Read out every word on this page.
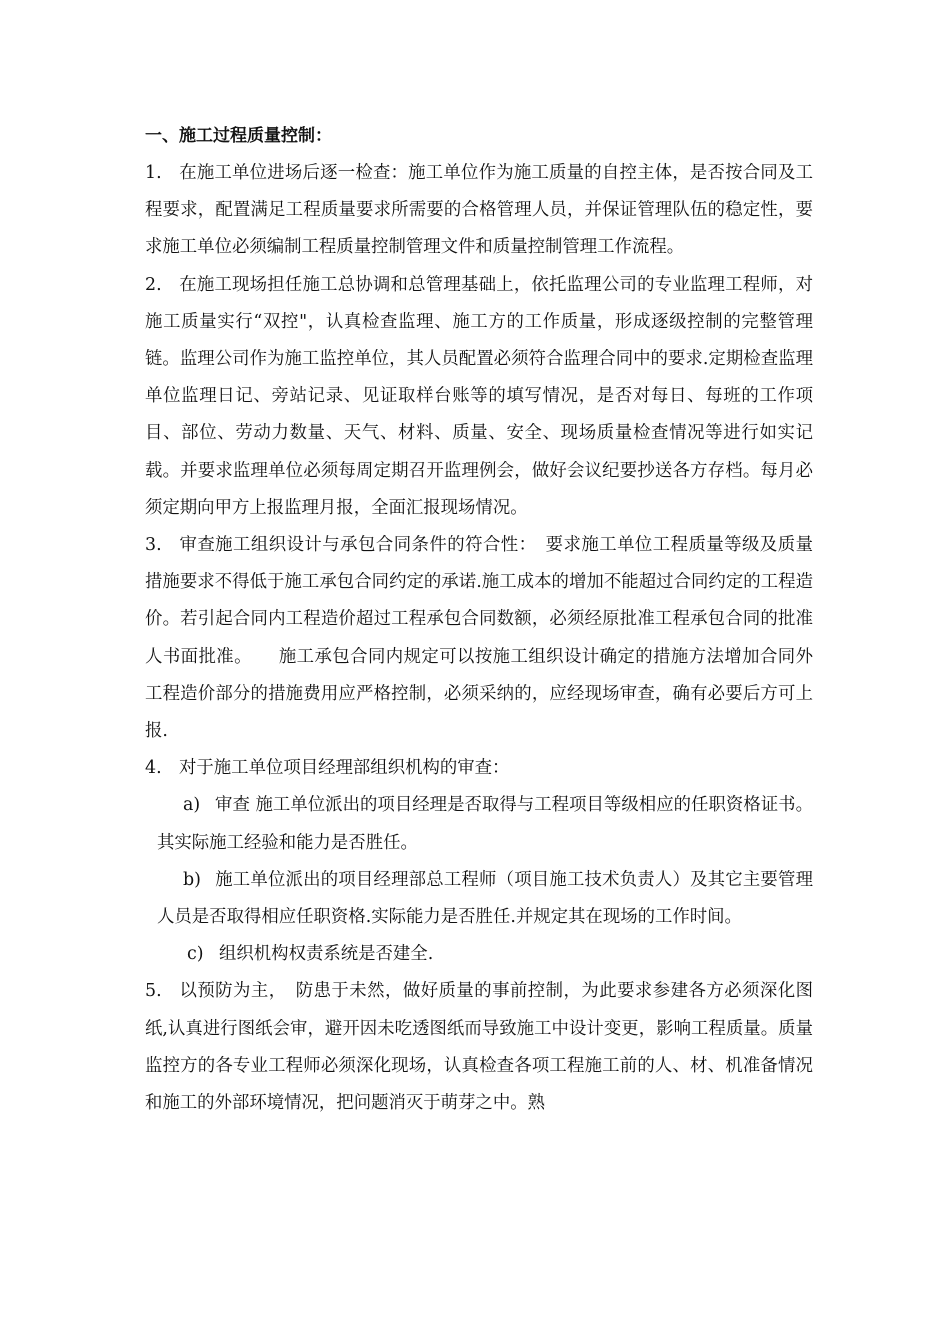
一、施工过程质量控制：

1. 在施工单位进场后逐一检查：施工单位作为施工质量的自控主体，是否按合同及工程要求，配置满足工程质量要求所需要的合格管理人员，并保证管理队伍的稳定性，要求施工单位必须编制工程质量控制管理文件和质量控制管理工作流程。

2. 在施工现场担任施工总协调和总管理基础上，依托监理公司的专业监理工程师，对施工质量实行“双控"，认真检查监理、施工方的工作质量，形成逐级控制的完整管理链。监理公司作为施工监控单位，其人员配置必须符合监理合同中的要求.定期检查监理单位监理日记、旁站记录、见证取样台账等的填写情况，是否对每日、每班的工作项目、部位、劳动力数量、天气、材料、质量、安全、现场质量检查情况等进行如实记载。并要求监理单位必须每周定期召开监理例会，做好会议纪要抄送各方存档。每月必须定期向甲方上报监理月报，全面汇报现场情况。

3. 审查施工组织设计与承包合同条件的符合性：　要求施工单位工程质量等级及质量措施要求不得低于施工承包合同约定的承诺.施工成本的增加不能超过合同约定的工程造价。若引起合同内工程造价超过工程承包合同数额，必须经原批准工程承包合同的批准人书面批准。　　施工承包合同内规定可以按施工组织设计确定的措施方法增加合同外工程造价部分的措施费用应严格控制，必须采纳的，应经现场审查，确有必要后方可上报.

4. 对于施工单位项目经理部组织机构的审查：

a) 审查 施工单位派出的项目经理是否取得与工程项目等级相应的任职资格证书。其实际施工经验和能力是否胜任。

b) 施工单位派出的项目经理部总工程师（项目施工技术负责人）及其它主要管理人员是否取得相应任职资格.实际能力是否胜任.并规定其在现场的工作时间。

c) 组织机构权责系统是否建全.

5. 以预防为主，　防患于未然，做好质量的事前控制，为此要求参建各方必须深化图纸,认真进行图纸会审，避开因未吃透图纸而导致施工中设计变更，影响工程质量。质量监控方的各专业工程师必须深化现场，认真检查各项工程施工前的人、材、机准备情况和施工的外部环境情况，把问题消灭于萌芽之中。熟
